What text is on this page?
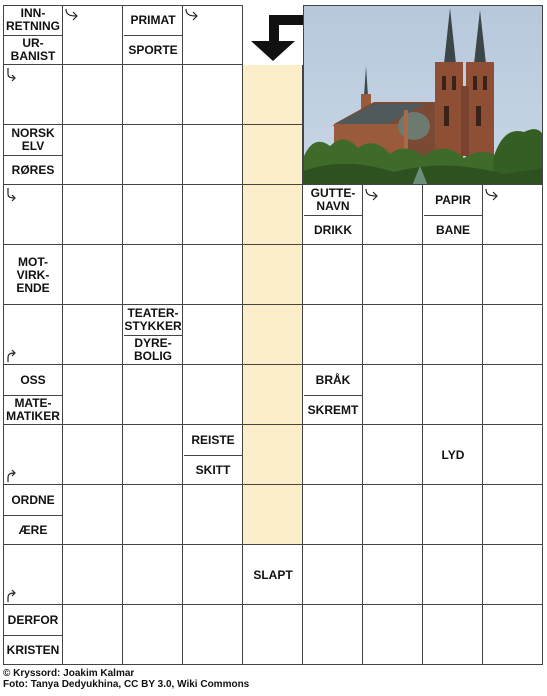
INN-
RETNING
UR-
BANIST
PRIMAT
SPORTE
NORSK
ELV
RØRES
MOT-
VIRK-
ENDE
TEATER-
STYKKER
DYRE-
BOLIG
OSS
MATE-
MATIKER
REISTE
SKITT
ORDNE
ÆRE
SLAPT
DERFOR
KRISTEN
GUTTE-
NAVN
DRIKK
PAPIR
BANE
BRÅK
SKREMT
LYD
© Kryssord: Joakim Kalmar
Foto: Tanya Dedyukhina, CC BY 3.0, Wiki Commons
